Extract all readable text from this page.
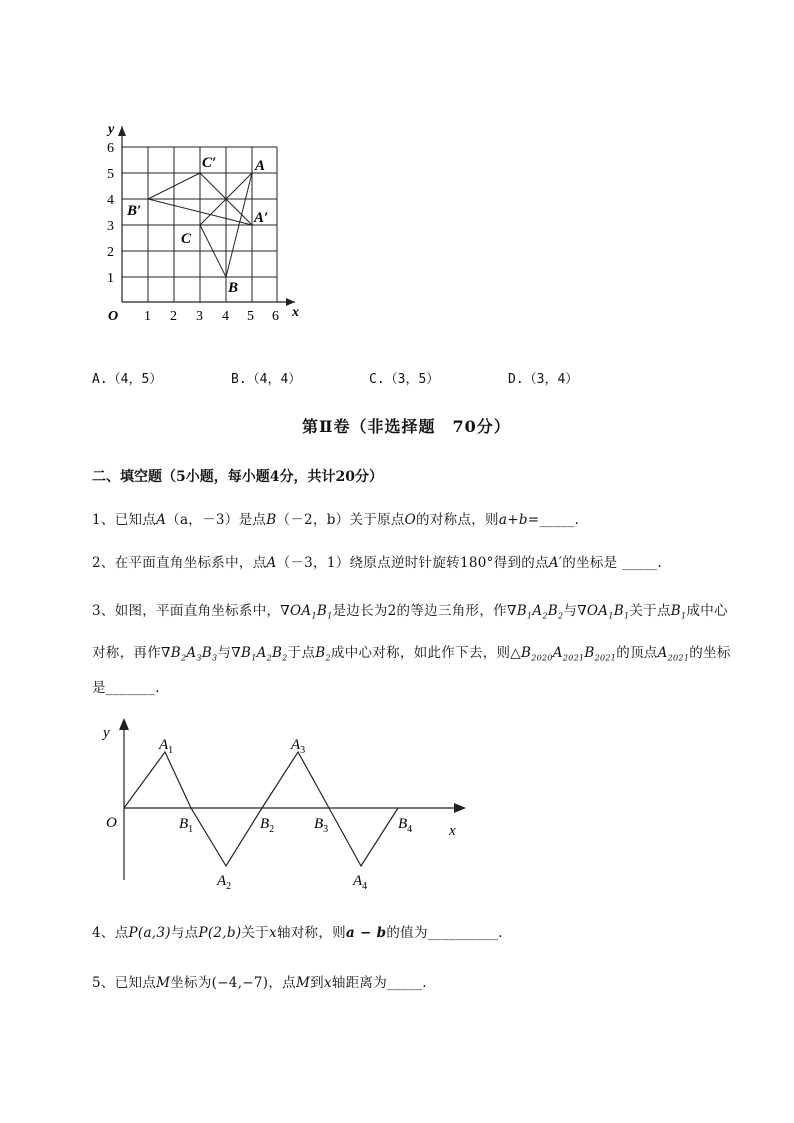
y
x
O 1 2 3 4 5 6
1
2
3
4
5
6
A
B
C
A′
B′
C′
A.（4，5）	B.（4，4）	C.（3，5）	D.（3，4）
第Ⅱ卷（非选择题　70分）
二、填空题（5小题，每小题4分，共计20分）
1、已知点A（a，－3）是点B（－2，b）关于原点O的对称点，则a+b=_____.
2、在平面直角坐标系中，点A（－3，1）绕原点逆时针旋转180°得到的点A′的坐标是 _____.
3、如图，平面直角坐标系中，$\nabla OA_1B_1$是边长为2的等边三角形，作$\nabla B_1A_2B_2$与$\nabla OA_1B_1$关于点$B_1$成中心
对称，再作$\nabla B_2A_3B_3$与$\nabla B_1A_2B_2$于点$B_2$成中心对称，如此作下去，则$\triangle B_{2020}A_{2021}B_{2021}$的顶点$A_{2021}$的坐标
是_______.
y
x
O
$A_1$	$A_3$
$A_2$	$A_4$
$B_1$	$B_2$	$B_3$	$B_4$
4、点P(a,3)与点P(2,b)关于x轴对称，则a − b的值为__________.
5、已知点M坐标为(−4,−7)，点M到x轴距离为_____.
